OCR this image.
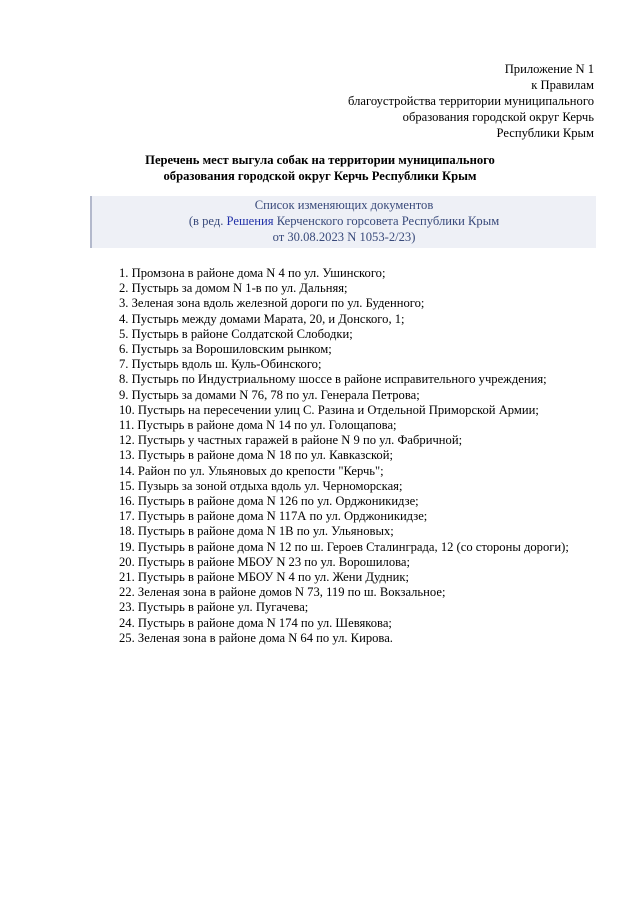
Приложение N 1
к Правилам
благоустройства территории муниципального
образования городской округ Керчь
Республики Крым
Перечень мест выгула собак на территории муниципального
образования городской округ Керчь Республики Крым
Список изменяющих документов
(в ред. Решения Керченского горсовета Республики Крым
от 30.08.2023 N 1053-2/23)
1. Промзона в районе дома N 4 по ул. Ушинского;
2. Пустырь за домом N 1-в по ул. Дальняя;
3. Зеленая зона вдоль железной дороги по ул. Буденного;
4. Пустырь между домами Марата, 20, и Донского, 1;
5. Пустырь в районе Солдатской Слободки;
6. Пустырь за Ворошиловским рынком;
7. Пустырь вдоль ш. Куль-Обинского;
8. Пустырь по Индустриальному шоссе в районе исправительного учреждения;
9. Пустырь за домами N 76, 78 по ул. Генерала Петрова;
10. Пустырь на пересечении улиц С. Разина и Отдельной Приморской Армии;
11. Пустырь в районе дома N 14 по ул. Голощапова;
12. Пустырь у частных гаражей в районе N 9 по ул. Фабричной;
13. Пустырь в районе дома N 18 по ул. Кавказской;
14. Район по ул. Ульяновых до крепости "Керчь";
15. Пузырь за зоной отдыха вдоль ул. Черноморская;
16. Пустырь в районе дома N 126 по ул. Орджоникидзе;
17. Пустырь в районе дома N 117А по ул. Орджоникидзе;
18. Пустырь в районе дома N 1В по ул. Ульяновых;
19. Пустырь в районе дома N 12 по ш. Героев Сталинграда, 12 (со стороны дороги);
20. Пустырь в районе МБОУ N 23 по ул. Ворошилова;
21. Пустырь в районе МБОУ N 4 по ул. Жени Дудник;
22. Зеленая зона в районе домов N 73, 119 по ш. Вокзальное;
23. Пустырь в районе ул. Пугачева;
24. Пустырь в районе дома N 174 по ул. Шевякова;
25. Зеленая зона в районе дома N 64 по ул. Кирова.
